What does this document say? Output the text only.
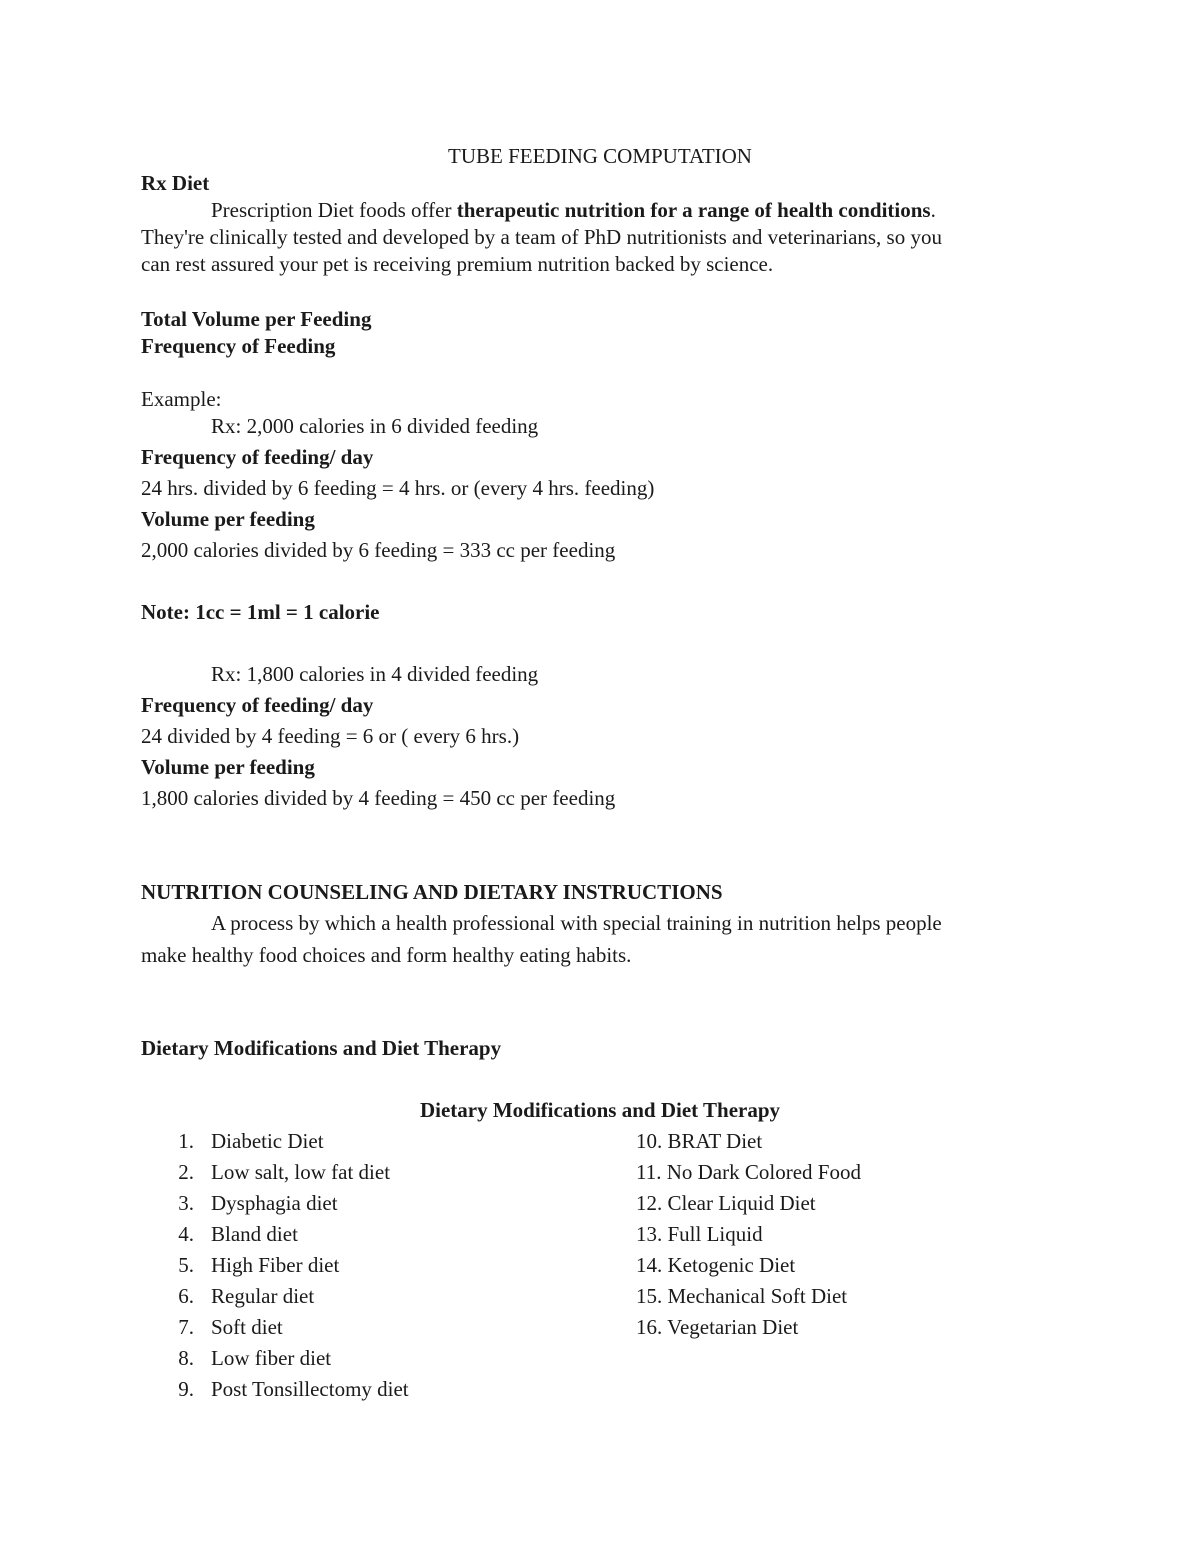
TUBE FEEDING COMPUTATION
Rx Diet
Prescription Diet foods offer therapeutic nutrition for a range of health conditions.
They're clinically tested and developed by a team of PhD nutritionists and veterinarians, so you
can rest assured your pet is receiving premium nutrition backed by science.
Total Volume per Feeding
Frequency of Feeding
Example:
Rx: 2,000 calories in 6 divided feeding
Frequency of feeding/ day
24 hrs. divided by 6 feeding = 4 hrs. or (every 4 hrs. feeding)
Volume per feeding
2,000 calories divided by 6 feeding = 333 cc per feeding
Note: 1cc = 1ml = 1 calorie
Rx: 1,800 calories in 4 divided feeding
Frequency of feeding/ day
24 divided by 4 feeding = 6 or ( every 6 hrs.)
Volume per feeding
1,800 calories divided by 4 feeding = 450 cc per feeding
NUTRITION COUNSELING AND DIETARY INSTRUCTIONS
A process by which a health professional with special training in nutrition helps people
make healthy food choices and form healthy eating habits.
Dietary Modifications and Diet Therapy
Dietary Modifications and Diet Therapy
1. Diabetic Diet
2. Low salt, low fat diet
3. Dysphagia diet
4. Bland diet
5. High Fiber diet
6. Regular diet
7. Soft diet
8. Low fiber diet
9. Post Tonsillectomy diet
10. BRAT Diet
11. No Dark Colored Food
12. Clear Liquid Diet
13. Full Liquid
14. Ketogenic Diet
15. Mechanical Soft Diet
16. Vegetarian Diet
